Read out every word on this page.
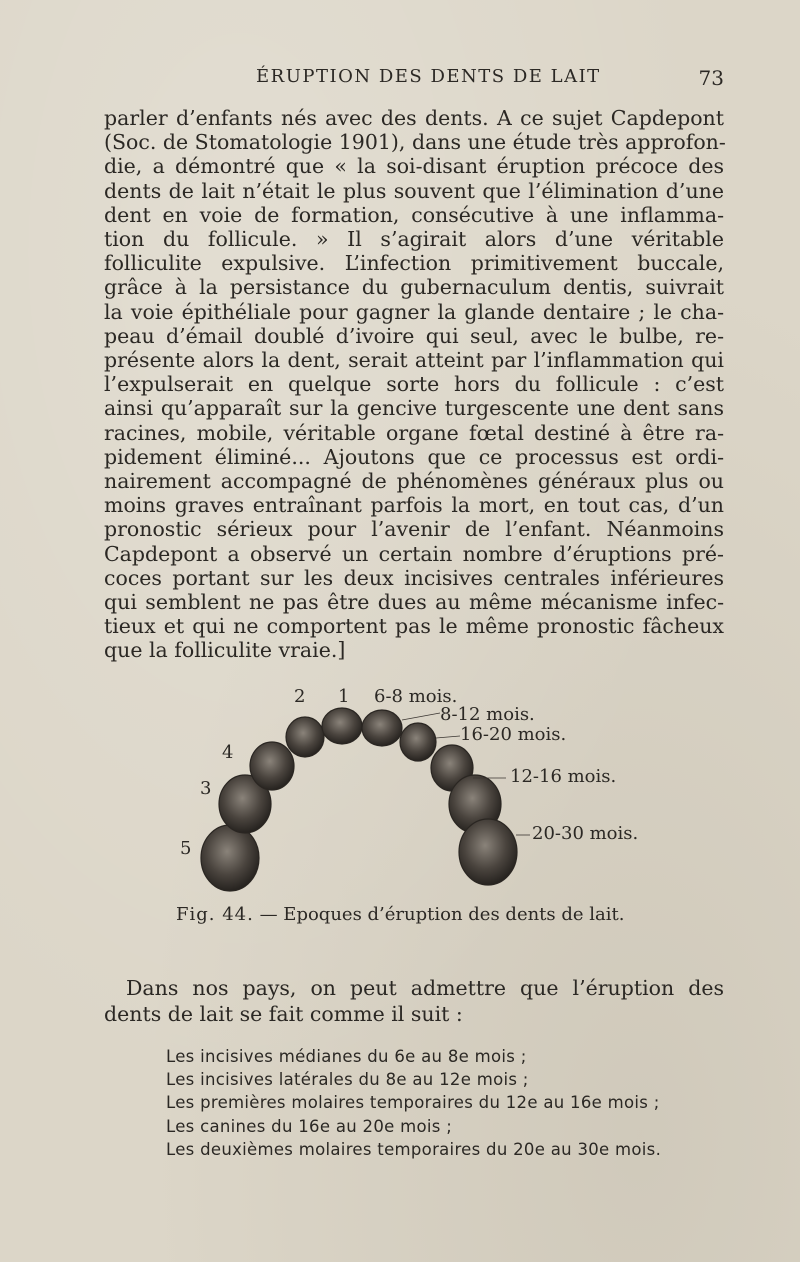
ÉRUPTION DES DENTS DE LAIT	73
parler d’enfants nés avec des dents. A ce sujet Capdepont
(Soc. de Stomatologie 1901), dans une étude très approfon-
die, a démontré que « la soi-disant éruption précoce des
dents de lait n’était le plus souvent que l’élimination d’une
dent en voie de formation, consécutive à une inflamma-
tion du follicule. » Il s’agirait alors d’une véritable
folliculite expulsive. L’infection primitivement buccale,
grâce à la persistance du gubernaculum dentis, suivrait
la voie épithéliale pour gagner la glande dentaire ; le cha-
peau d’émail doublé d’ivoire qui seul, avec le bulbe, re-
présente alors la dent, serait atteint par l’inflammation qui
l’expulserait en quelque sorte hors du follicule : c’est
ainsi qu’apparaît sur la gencive turgescente une dent sans
racines, mobile, véritable organe fœtal destiné à être ra-
pidement éliminé... Ajoutons que ce processus est ordi-
nairement accompagné de phénomènes généraux plus ou
moins graves entraînant parfois la mort, en tout cas, d’un
pronostic sérieux pour l’avenir de l’enfant. Néanmoins
Capdepont a observé un certain nombre d’éruptions pré-
coces portant sur les deux incisives centrales inférieures
qui semblent ne pas être dues au même mécanisme infec-
tieux et qui ne comportent pas le même pronostic fâcheux
que la folliculite vraie.]
2 1 6-8 mois.
8-12 mois.
16-20 mois.
4
12-16 mois.
3
5
20-30 mois.
Fig. 44. — Epoques d’éruption des dents de lait.
Dans nos pays, on peut admettre que l’éruption des
dents de lait se fait comme il suit :
Les incisives médianes du 6e au 8e mois ;
Les incisives latérales du 8e au 12e mois ;
Les premières molaires temporaires du 12e au 16e mois ;
Les canines du 16e au 20e mois ;
Les deuxièmes molaires temporaires du 20e au 30e mois.
